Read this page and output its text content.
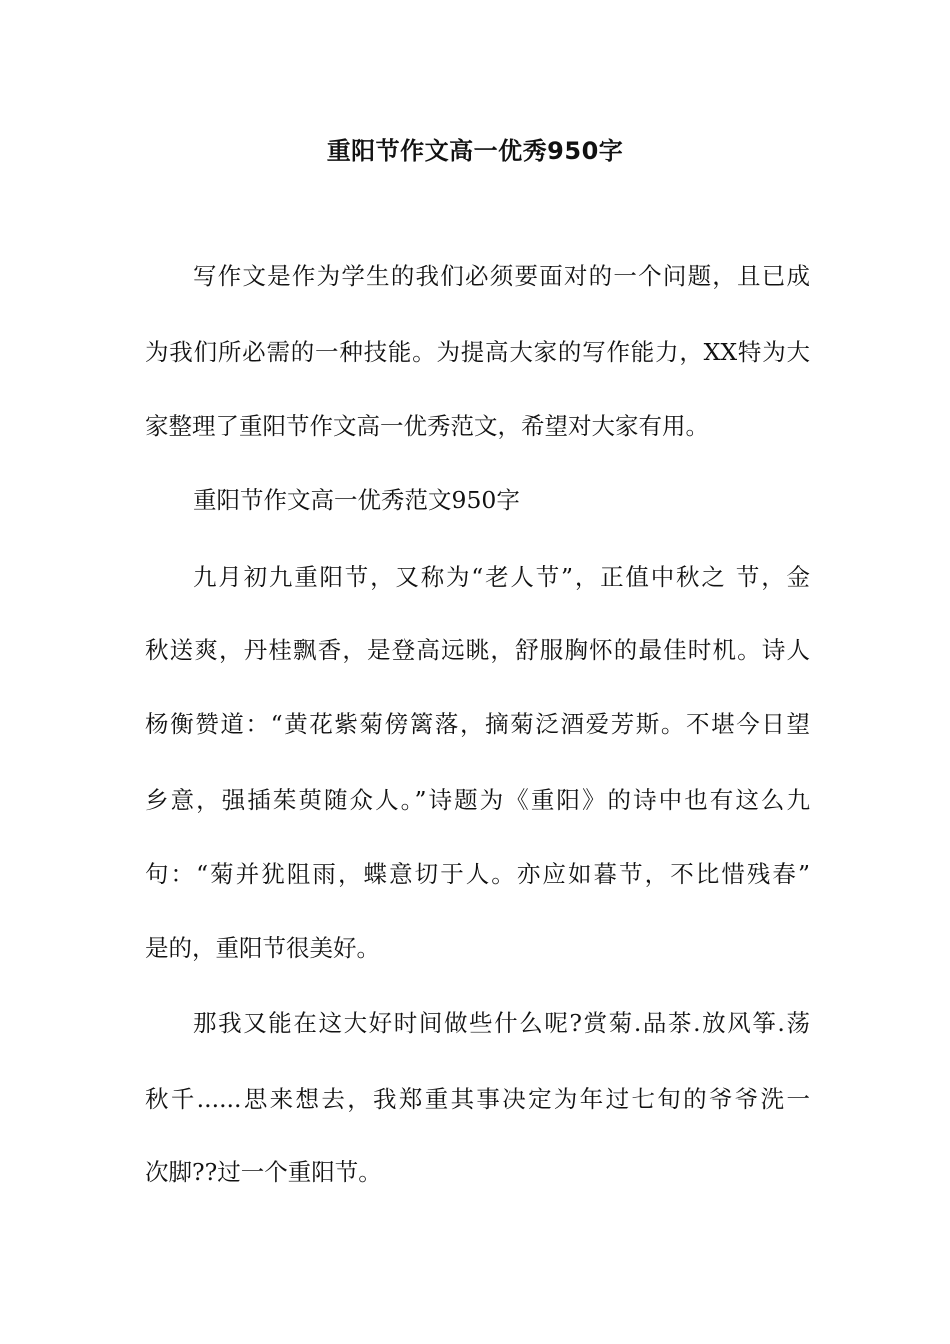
重阳节作文高一优秀950字
写作文是作为学生的我们必须要面对的一个问题，且已成
为我们所必需的一种技能。为提高大家的写作能力，XX特为大
家整理了重阳节作文高一优秀范文，希望对大家有用。
重阳节作文高一优秀范文950字
九月初九重阳节，又称为“老人节”，正值中秋之 节，金
秋送爽，丹桂飘香，是登高远眺，舒服胸怀的最佳时机。诗人
杨衡赞道：“黄花紫菊傍篱落，摘菊泛酒爱芳斯。不堪今日望
乡意，强插茱萸随众人。”诗题为《重阳》的诗中也有这么九
句：“菊并犹阻雨，蝶意切于人。亦应如暮节，不比惜残春”
是的，重阳节很美好。
那我又能在这大好时间做些什么呢?赏菊.品茶.放风筝.荡
秋千......思来想去，我郑重其事决定为年过七旬的爷爷洗一
次脚??过一个重阳节。
